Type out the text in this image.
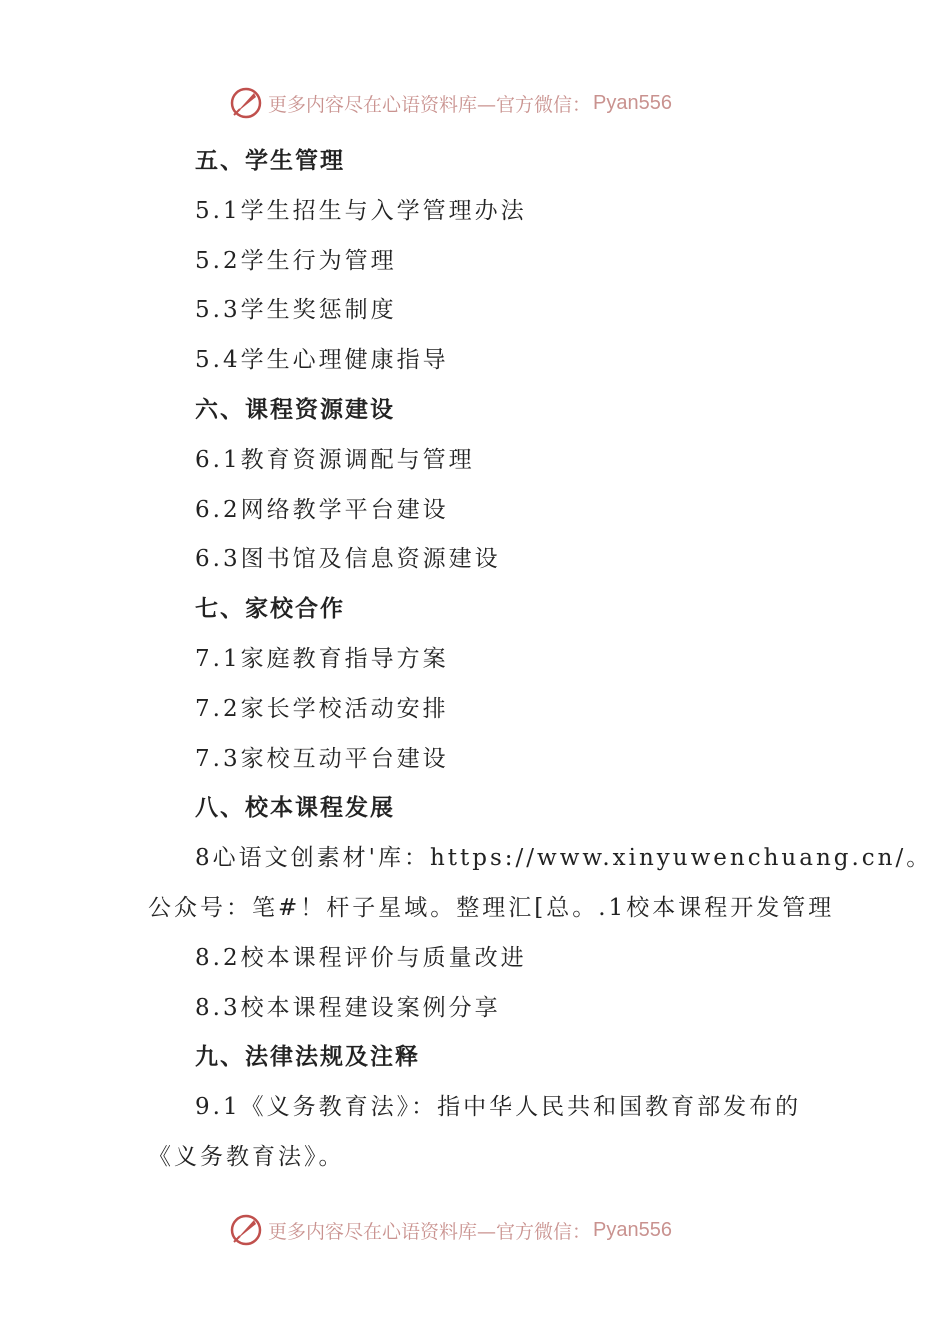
更多内容尽在心语资料库—官方微信： Pyan556
五、学生管理
5.1学生招生与入学管理办法
5.2学生行为管理
5.3学生奖惩制度
5.4学生心理健康指导
六、课程资源建设
6.1教育资源调配与管理
6.2网络教学平台建设
6.3图书馆及信息资源建设
七、家校合作
7.1家庭教育指导方案
7.2家长学校活动安排
7.3家校互动平台建设
八、校本课程发展
8心语文创素材'库：https://www.xinyuwenchuang.cn/。
公众号：笔#！杆子星域。整理汇[总。.1校本课程开发管理
8.2校本课程评价与质量改进
8.3校本课程建设案例分享
九、法律法规及注释
9.1《义务教育法》：指中华人民共和国教育部发布的
《义务教育法》。
更多内容尽在心语资料库—官方微信： Pyan556
